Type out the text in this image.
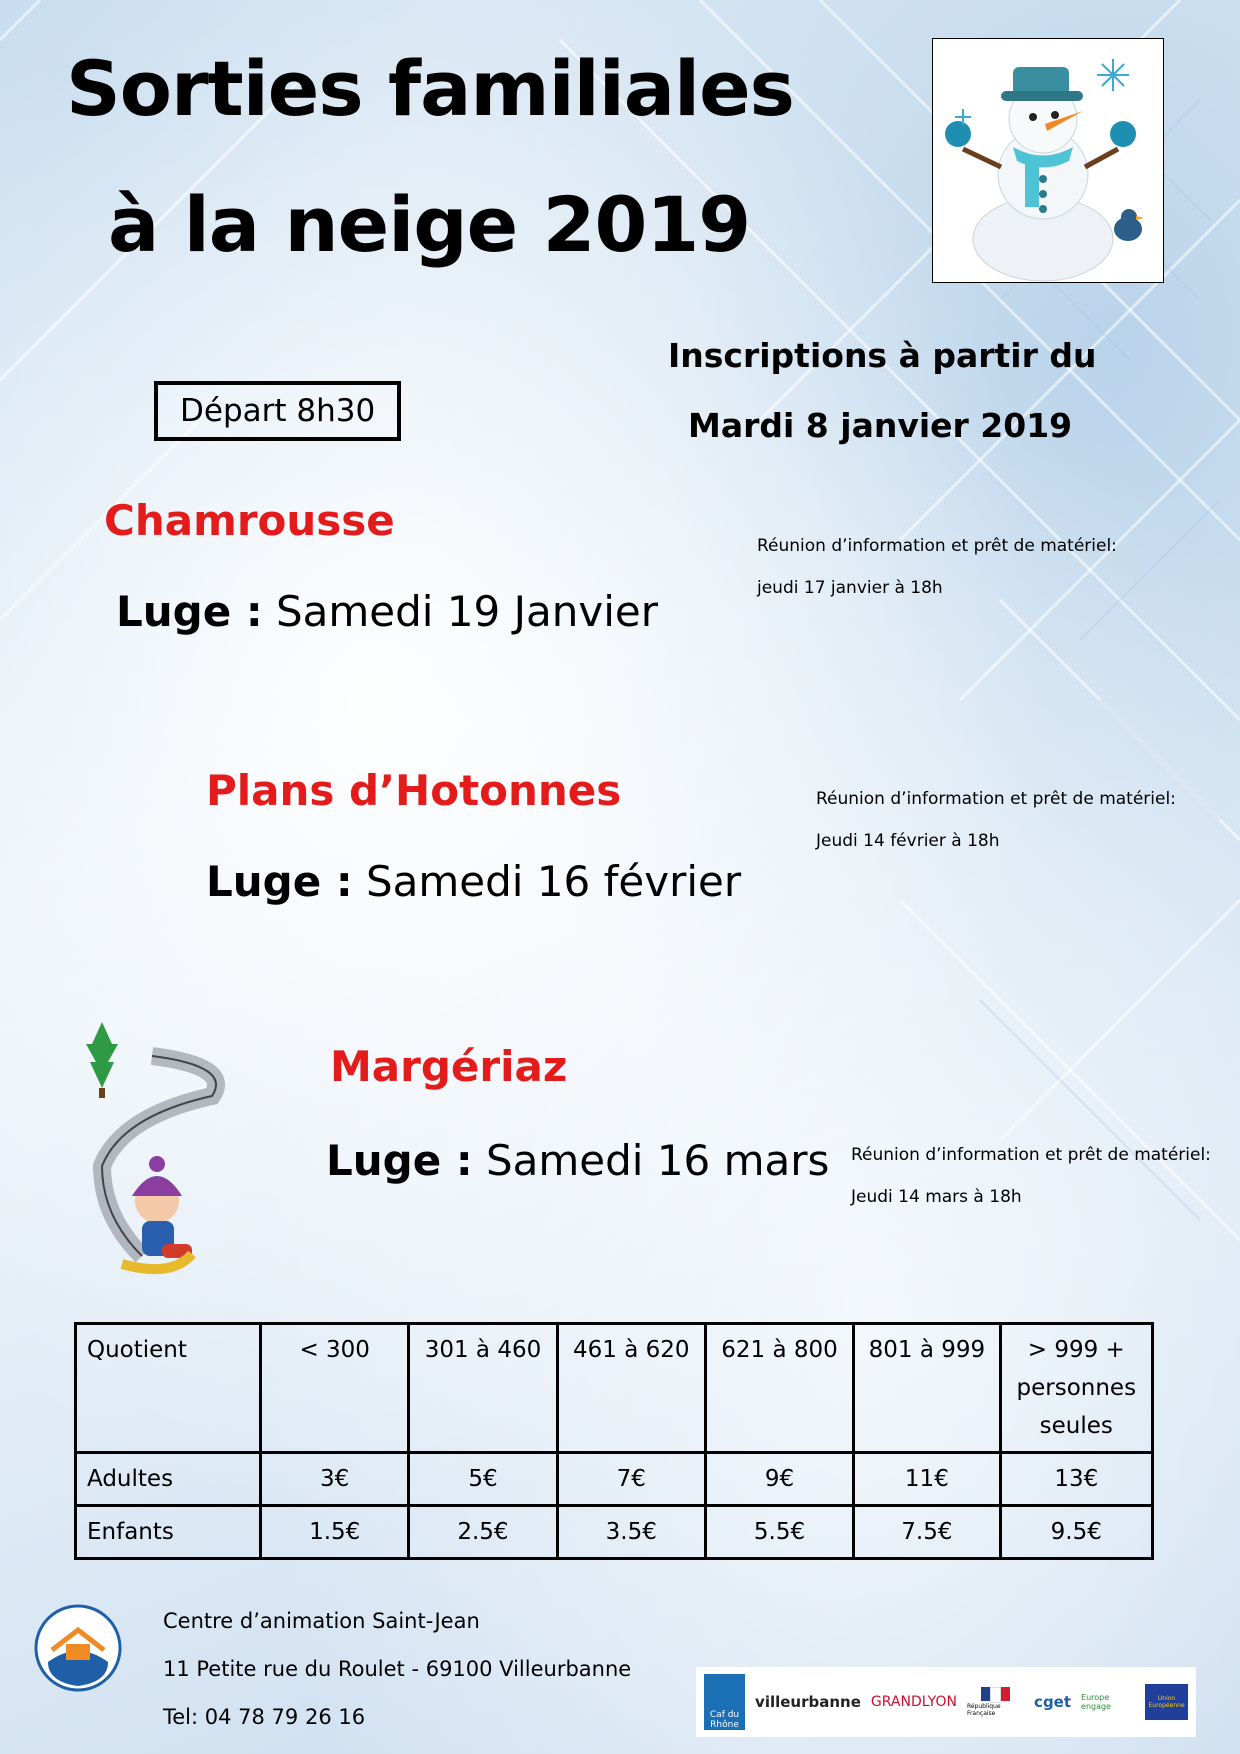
Sorties familiales
à la neige 2019
Inscriptions à partir du
Mardi 8 janvier 2019
Départ 8h30
Chamrousse
Luge : Samedi 19 Janvier
Réunion d’information et prêt de matériel:
jeudi 17 janvier à 18h
Plans d’Hotonnes
Luge : Samedi 16 février
Réunion d’information et prêt de matériel:
Jeudi 14 février à 18h
Margériaz
Luge : Samedi 16 mars Réunion d’information et prêt de matériel:
Jeudi 14 mars à 18h
Quotient	< 300	301 à 460	461 à 620	621 à 800	801 à 999	> 999 + personnes seules
Adultes	3€	5€	7€	9€	11€	13€
Enfants	1.5€	2.5€	3.5€	5.5€	7.5€	9.5€
Centre d’animation Saint-Jean
11 Petite rue du Roulet - 69100 Villeurbanne
Tel: 04 78 79 26 16	Caf du Rhône
villeurbanne GRANDLYON République Française
cget Europe engage
Union Européenne
